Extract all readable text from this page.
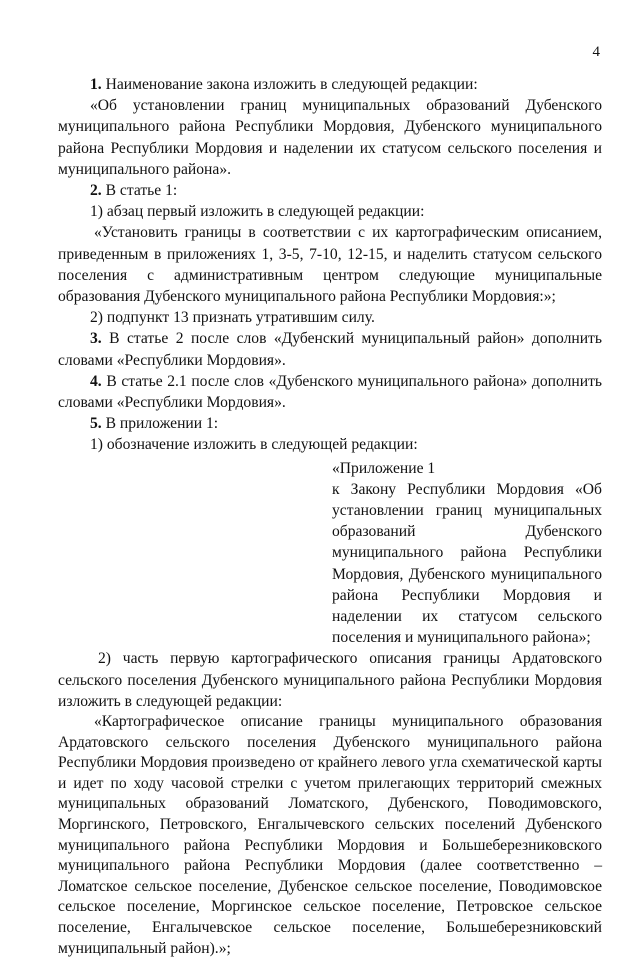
4

1. Наименование закона изложить в следующей редакции:

«Об установлении границ муниципальных образований Дубенского муниципального района Республики Мордовия, Дубенского муниципального района Республики Мордовия и наделении их статусом сельского поселения и муниципального района».

2. В статье 1:

1) абзац первый изложить в следующей редакции:

«Установить границы в соответствии с их картографическим описанием, приведенным в приложениях 1, 3-5, 7-10, 12-15, и наделить статусом сельского поселения с административным центром следующие муниципальные образования Дубенского муниципального района Республики Мордовия:»;

2) подпункт 13 признать утратившим силу.

3. В статье 2 после слов «Дубенский муниципальный район» дополнить словами «Республики Мордовия».

4. В статье 2.1 после слов «Дубенского муниципального района» дополнить словами «Республики Мордовия».

5. В приложении 1:

1) обозначение изложить в следующей редакции:

«Приложение 1

к Закону Республики Мордовия «Об установлении границ муниципальных образований Дубенского муниципального района Республики Мордовия, Дубенского муниципального района Республики Мордовия и наделении их статусом сельского поселения и муниципального района»;

2) часть первую картографического описания границы Ардатовского сельского поселения Дубенского муниципального района Республики Мордовия изложить в следующей редакции:

«Картографическое описание границы муниципального образования Ардатовского сельского поселения Дубенского муниципального района Республики Мордовия произведено от крайнего левого угла схематической карты и идет по ходу часовой стрелки с учетом прилегающих территорий смежных муниципальных образований Ломатского, Дубенского, Поводимовского, Моргинского, Петровского, Енгалычевского сельских поселений Дубенского муниципального района Республики Мордовия и Большеберезниковского муниципального района Республики Мордовия (далее соответственно – Ломатское сельское поселение, Дубенское сельское поселение, Поводимовское сельское поселение, Моргинское сельское поселение, Петровское сельское поселение, Енгалычевское сельское поселение, Большеберезниковский муниципальный район).»;
